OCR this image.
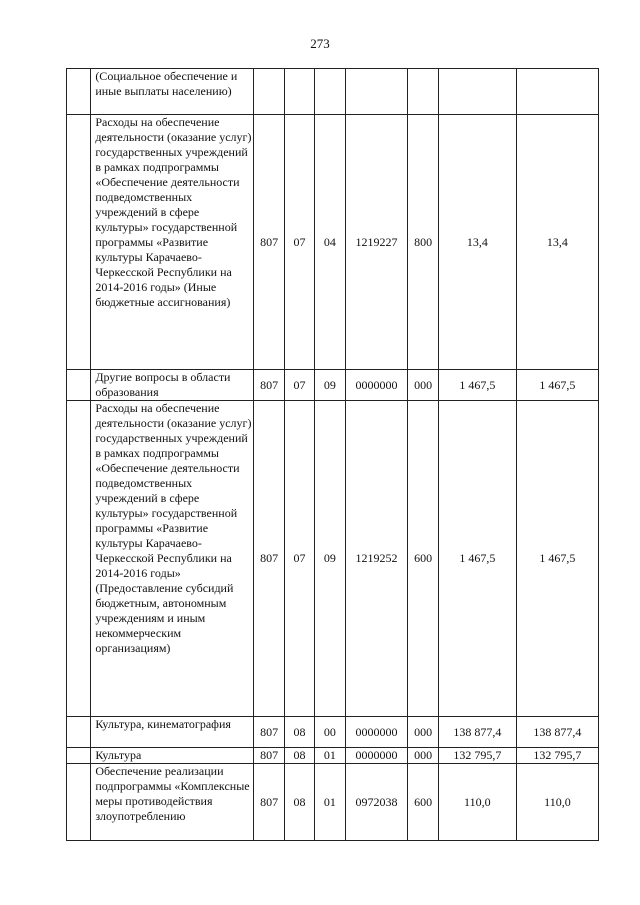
273
	(Социальное обеспечение и иные выплаты населению)							
	Расходы на обеспечение деятельности (оказание услуг) государственных учреждений в рамках подпрограммы «Обеспечение деятельности подведомственных учреждений в сфере культуры» государственной программы «Развитие культуры Карачаево-Черкесской Республики на 2014-2016 годы» (Иные бюджетные ассигнования)	807	07	04	1219227	800	13,4	13,4
	Другие вопросы в области образования	807	07	09	0000000	000	1 467,5	1 467,5
	Расходы на обеспечение деятельности (оказание услуг) государственных учреждений в рамках подпрограммы «Обеспечение деятельности подведомственных учреждений в сфере культуры» государственной программы «Развитие культуры Карачаево-Черкесской Республики на 2014-2016 годы» (Предоставление субсидий бюджетным, автономным учреждениям и иным некоммерческим организациям)	807	07	09	1219252	600	1 467,5	1 467,5
	Культура, кинематография	807	08	00	0000000	000	138 877,4	138 877,4
	Культура	807	08	01	0000000	000	132 795,7	132 795,7
	Обеспечение реализации подпрограммы «Комплексные меры противодействия злоупотреблению	807	08	01	0972038	600	110,0	110,0
